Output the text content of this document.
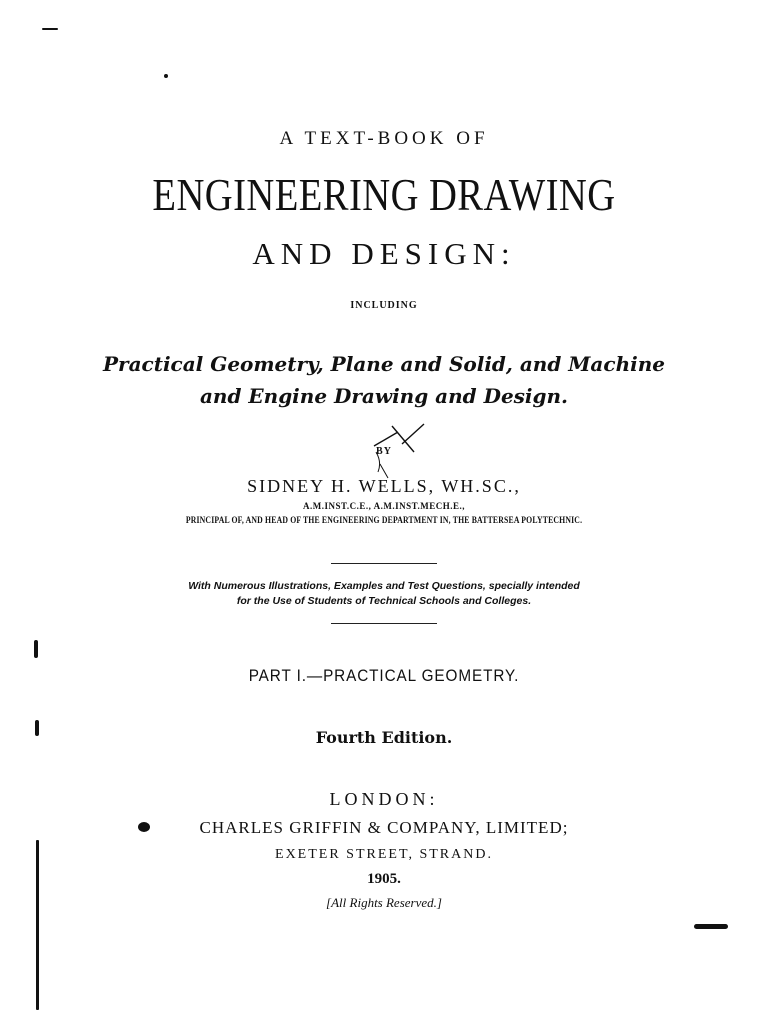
A TEXT-BOOK OF
ENGINEERING DRAWING
AND DESIGN:
INCLUDING
Practical Geometry, Plane and Solid, and Machine
and Engine Drawing and Design.
BY
SIDNEY H. WELLS, WH.SC.,
A.M.INST.C.E., A.M.INST.MECH.E.,
PRINCIPAL OF, AND HEAD OF THE ENGINEERING DEPARTMENT IN, THE BATTERSEA POLYTECHNIC.
With Numerous Illustrations, Examples and Test Questions, specially intended
for the Use of Students of Technical Schools and Colleges.
PART I.—PRACTICAL GEOMETRY.
Fourth Edition.
LONDON:
CHARLES GRIFFIN & COMPANY, LIMITED;
EXETER STREET, STRAND.
1905.
[All Rights Reserved.]
